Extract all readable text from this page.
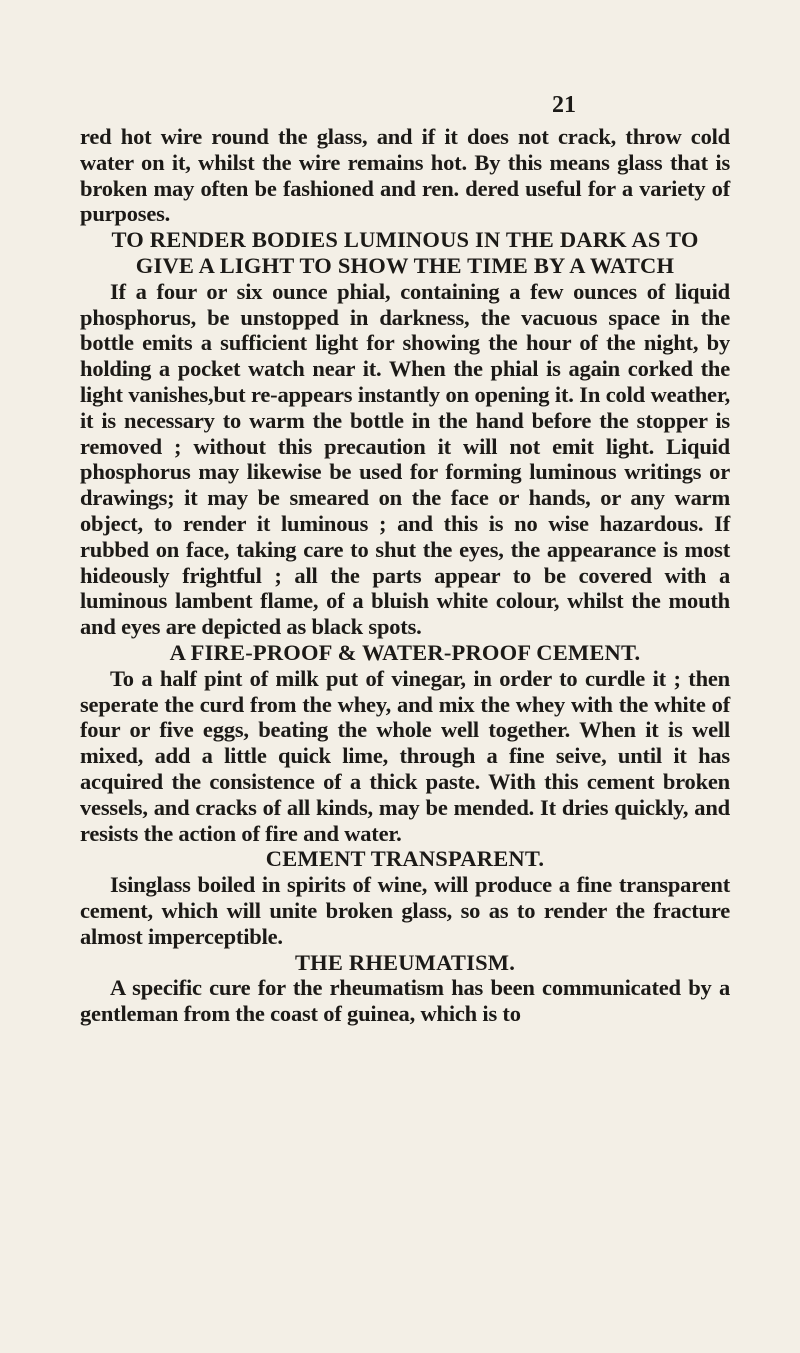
21

red hot wire round the glass, and if it does not crack, throw cold water on it, whilst the wire remains hot. By this means glass that is broken may often be fashioned and ren. dered useful for a variety of purposes.

TO RENDER BODIES LUMINOUS IN THE DARK AS TO GIVE A LIGHT TO SHOW THE TIME BY A WATCH

If a four or six ounce phial, containing a few ounces of liquid phosphorus, be unstopped in darkness, the vacuous space in the bottle emits a sufficient light for showing the hour of the night, by holding a pocket watch near it. When the phial is again corked the light vanishes,but re-appears instantly on opening it. In cold weather, it is necessary to warm the bottle in the hand before the stopper is removed ; without this precaution it will not emit light. Liquid phosphorus may likewise be used for forming luminous writings or drawings; it may be smeared on the face or hands, or any warm object, to render it luminous ; and this is no wise hazardous. If rubbed on face, taking care to shut the eyes, the appearance is most hideously frightful ; all the parts appear to be covered with a luminous lambent flame, of a bluish white colour, whilst the mouth and eyes are depicted as black spots.

A FIRE-PROOF & WATER-PROOF CEMENT.

To a half pint of milk put of vinegar, in order to curdle it ; then seperate the curd from the whey, and mix the whey with the white of four or five eggs, beating the whole well together. When it is well mixed, add a little quick lime, through a fine seive, until it has acquired the consistence of a thick paste. With this cement broken vessels, and cracks of all kinds, may be mended. It dries quickly, and resists the action of fire and water.

CEMENT TRANSPARENT.

Isinglass boiled in spirits of wine, will produce a fine transparent cement, which will unite broken glass, so as to render the fracture almost imperceptible.

THE RHEUMATISM.

A specific cure for the rheumatism has been communicated by a gentleman from the coast of guinea, which is to
